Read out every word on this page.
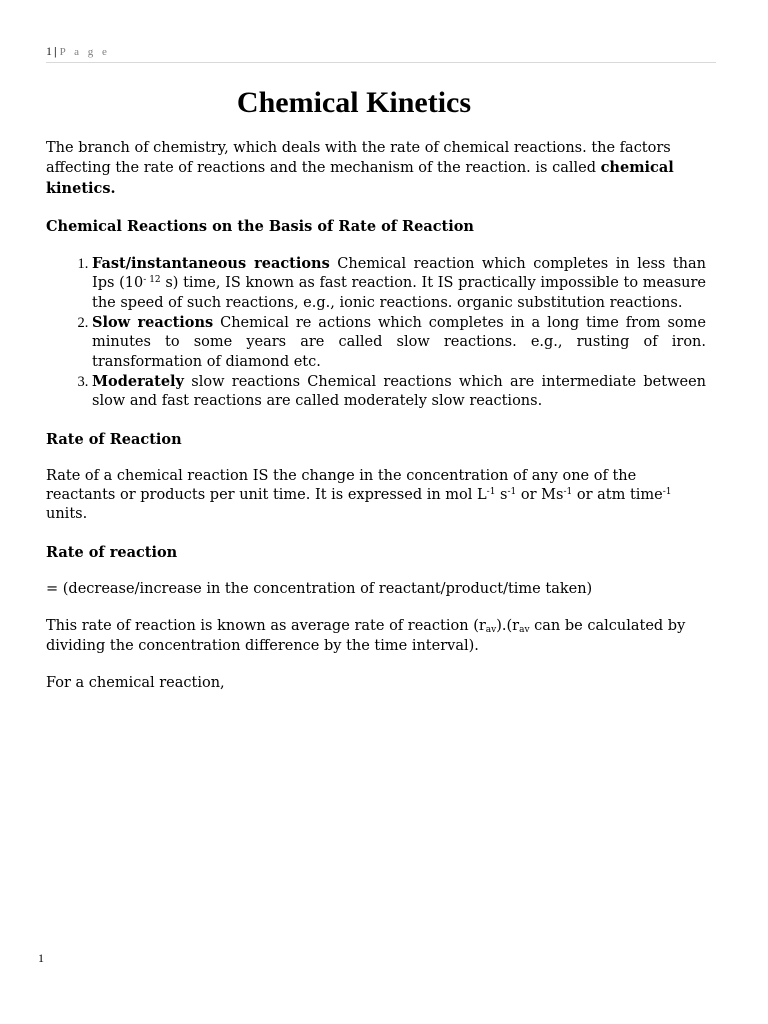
1 | P a g e
Chemical Kinetics

The branch of chemistry, which deals with the rate of chemical reactions. the factors affecting the rate of reactions and the mechanism of the reaction. is called chemical kinetics.

Chemical Reactions on the Basis of Rate of Reaction

1. Fast/instantaneous reactions Chemical reaction which completes in less than Ips ($10^{- 12}$ s) time, IS known as fast reaction. It IS practically impossible to measure the speed of such reactions, e.g., ionic reactions. organic substitution reactions.
2. Slow reactions Chemical re actions which completes in a long time from some minutes to some years are called slow reactions. e.g., rusting of iron. transformation of diamond etc.
3. Moderately slow reactions Chemical reactions which are intermediate between slow and fast reactions are called moderately slow reactions.

Rate of Reaction

Rate of a chemical reaction IS the change in the concentration of any one of the reactants or products per unit time. It is expressed in mol $L^{-1}$ $s^{-1}$ or $Ms^{-1}$ or atm time$^{-1}$ units.

Rate of reaction

= (decrease/increase in the concentration of reactant/product/time taken)

This rate of reaction is known as average rate of reaction $(r_{av}).(r_{av}$ can be calculated by dividing the concentration difference by the time interval).

For a chemical reaction,

1
